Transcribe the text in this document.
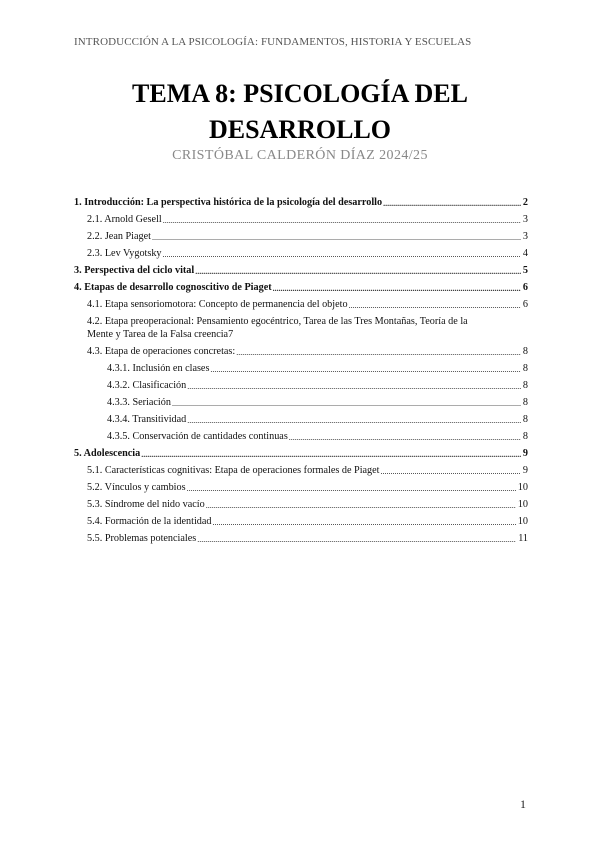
INTRODUCCIÓN A LA PSICOLOGÍA: FUNDAMENTOS, HISTORIA Y ESCUELAS
TEMA 8: PSICOLOGÍA DEL
DESARROLLO
CRISTÓBAL CALDERÓN DÍAZ 2024/25
1. Introducción: La perspectiva histórica de la psicología del desarrollo .....	2
2.1. Arnold Gesell .....	3
2.2. Jean Piaget .....	3
2.3. Lev Vygotsky .....	4
3. Perspectiva del ciclo vital .....	5
4. Etapas de desarrollo cognoscitivo de Piaget .....	6
4.1. Etapa sensoriomotora: Concepto de permanencia del objeto .....	6
4.2. Etapa preoperacional: Pensamiento egocéntrico, Tarea de las Tres Montañas, Teoría de la
Mente y Tarea de la Falsa creencia 7
4.3. Etapa de operaciones concretas: .....	8
4.3.1. Inclusión en clases .....	8
4.3.2. Clasificación .....	8
4.3.3. Seriación .....	8
4.3.4. Transitividad .....	8
4.3.5. Conservación de cantidades continuas .....	8
5. Adolescencia .....	9
5.1. Características cognitivas: Etapa de operaciones formales de Piaget .....	9
5.2. Vínculos y cambios .....	10
5.3. Síndrome del nido vacío .....	10
5.4. Formación de la identidad .....	10
5.5. Problemas potenciales .....	11
1
